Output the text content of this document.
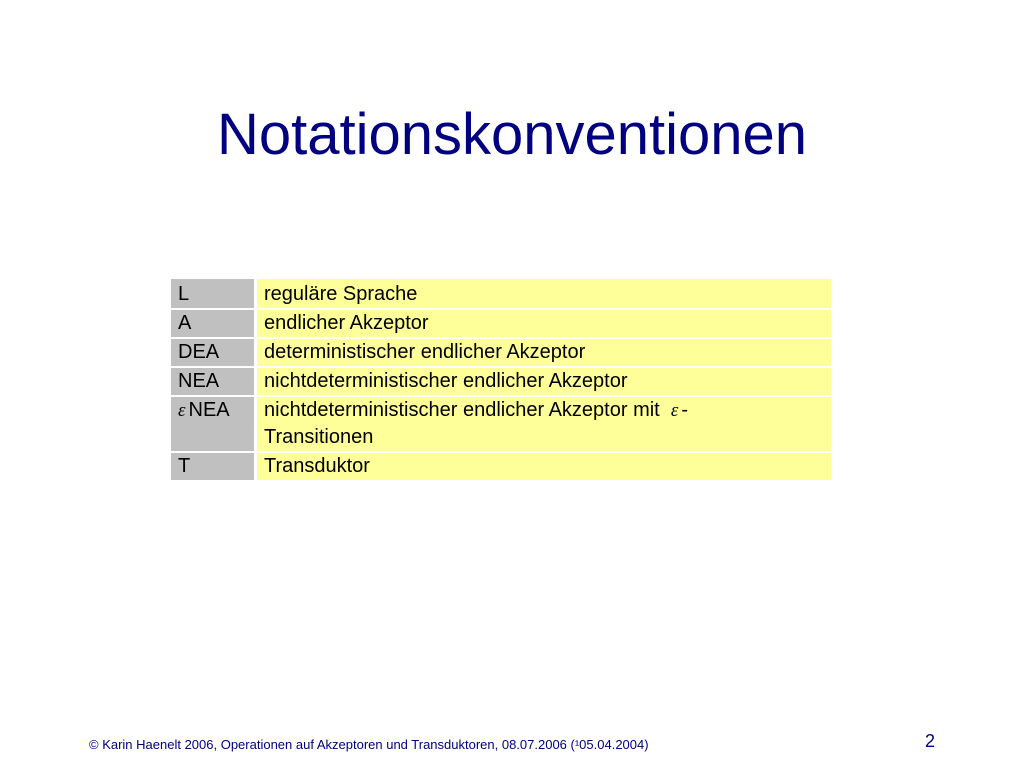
Notationskonventionen
L	reguläre Sprache
A	endlicher Akzeptor
DEA	deterministischer endlicher Akzeptor
NEA	nichtdeterministischer endlicher Akzeptor
ε NEA	nichtdeterministischer endlicher Akzeptor mit ε -
Transitionen
T	Transduktor
© Karin Haenelt 2006, Operationen auf Akzeptoren und Transduktoren, 08.07.2006 (¹05.04.2004)	2
